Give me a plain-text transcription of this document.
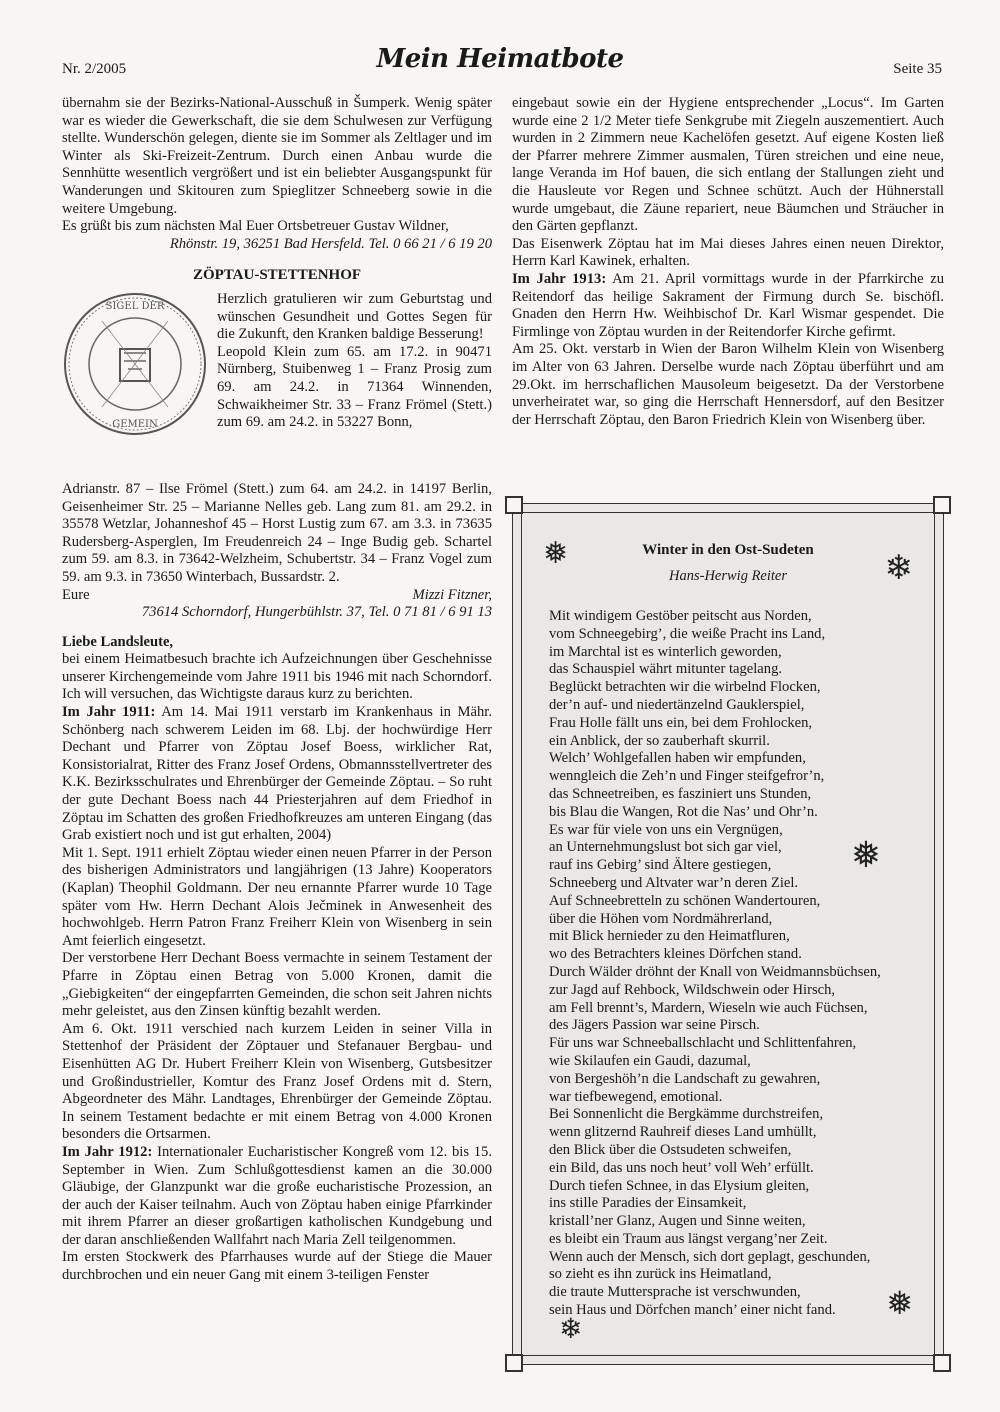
Nr. 2/2005	Mein Heimatbote	Seite 35

übernahm sie der Bezirks-National-Ausschuß in Šumperk. Wenig später war es wieder die Gewerkschaft, die sie dem Schulwesen zur Verfügung stellte. Wunderschön gelegen, diente sie im Sommer als Zeltlager und im Winter als Ski-Freizeit-Zentrum. Durch einen Anbau wurde die Sennhütte wesentlich vergrößert und ist ein beliebter Ausgangspunkt für Wanderungen und Skitouren zum Spieglitzer Schneeberg sowie in die weitere Umgebung.

Es grüßt bis zum nächsten Mal Euer Ortsbetreuer Gustav Wildner,

Rhönstr. 19, 36251 Bad Hersfeld. Tel. 0 66 21 / 6 19 20

ZÖPTAU-STETTENHOF

SIGEL DER
GEMEIN

Herzlich gratulieren wir zum Geburtstag und wünschen Gesundheit und Gottes Segen für die Zukunft, den Kranken baldige Besserung!

Leopold Klein zum 65. am 17.2. in 90471 Nürnberg, Stuibenweg 1 – Franz Prosig zum 69. am 24.2. in 71364 Winnenden, Schwaikheimer Str. 33 – Franz Frömel (Stett.) zum 69. am 24.2. in 53227 Bonn,

Adrianstr. 87 – Ilse Frömel (Stett.) zum 64. am 24.2. in 14197 Berlin, Geisenheimer Str. 25 – Marianne Nelles geb. Lang zum 81. am 29.2. in 35578 Wetzlar, Johanneshof 45 – Horst Lustig zum 67. am 3.3. in 73635 Rudersberg-Asperglen, Im Freudenreich 24 – Inge Budig geb. Schartel zum 59. am 8.3. in 73642-Welzheim, Schubertstr. 34 – Franz Vogel zum 59. am 9.3. in 73650 Winterbach, Bussardstr. 2.

Eure	Mizzi Fitzner,

73614 Schorndorf, Hungerbühlstr. 37, Tel. 0 71 81 / 6 91 13

Liebe Landsleute,

bei einem Heimatbesuch brachte ich Aufzeichnungen über Geschehnisse unserer Kirchengemeinde vom Jahre 1911 bis 1946 mit nach Schorndorf. Ich will versuchen, das Wichtigste daraus kurz zu berichten.

Im Jahr 1911: Am 14. Mai 1911 verstarb im Krankenhaus in Mähr. Schönberg nach schwerem Leiden im 68. Lbj. der hochwürdige Herr Dechant und Pfarrer von Zöptau Josef Boess, wirklicher Rat, Konsistorialrat, Ritter des Franz Josef Ordens, Obmannsstellvertreter des K.K. Bezirksschulrates und Ehrenbürger der Gemeinde Zöptau. – So ruht der gute Dechant Boess nach 44 Priesterjahren auf dem Friedhof in Zöptau im Schatten des großen Friedhofkreuzes am unteren Eingang (das Grab existiert noch und ist gut erhalten, 2004)

Mit 1. Sept. 1911 erhielt Zöptau wieder einen neuen Pfarrer in der Person des bisherigen Administrators und langjährigen (13 Jahre) Kooperators (Kaplan) Theophil Goldmann. Der neu ernannte Pfarrer wurde 10 Tage später vom Hw. Herrn Dechant Alois Ječminek in Anwesenheit des hochwohlgeb. Herrn Patron Franz Freiherr Klein von Wisenberg in sein Amt feierlich eingesetzt.

Der verstorbene Herr Dechant Boess vermachte in seinem Testament der Pfarre in Zöptau einen Betrag von 5.000 Kronen, damit die „Giebigkeiten“ der eingepfarrten Gemeinden, die schon seit Jahren nichts mehr geleistet, aus den Zinsen künftig bezahlt werden.

Am 6. Okt. 1911 verschied nach kurzem Leiden in seiner Villa in Stettenhof der Präsident der Zöptauer und Stefanauer Bergbau- und Eisenhütten AG Dr. Hubert Freiherr Klein von Wisenberg, Gutsbesitzer und Großindustrieller, Komtur des Franz Josef Ordens mit d. Stern, Abgeordneter des Mähr. Landtages, Ehrenbürger der Gemeinde Zöptau. In seinem Testament bedachte er mit einem Betrag von 4.000 Kronen besonders die Ortsarmen.

Im Jahr 1912: Internationaler Eucharistischer Kongreß vom 12. bis 15. September in Wien. Zum Schlußgottesdienst kamen an die 30.000 Gläubige, der Glanzpunkt war die große eucharistische Prozession, an der auch der Kaiser teilnahm. Auch von Zöptau haben einige Pfarrkinder mit ihrem Pfarrer an dieser großartigen katholischen Kundgebung und der daran anschließenden Wallfahrt nach Maria Zell teilgenommen.

Im ersten Stockwerk des Pfarrhauses wurde auf der Stiege die Mauer durchbrochen und ein neuer Gang mit einem 3-teiligen Fenster

eingebaut sowie ein der Hygiene entsprechender „Locus“. Im Garten wurde eine 2 1/2 Meter tiefe Senkgrube mit Ziegeln auszementiert. Auch wurden in 2 Zimmern neue Kachelöfen gesetzt. Auf eigene Kosten ließ der Pfarrer mehrere Zimmer ausmalen, Türen streichen und eine neue, lange Veranda im Hof bauen, die sich entlang der Stallungen zieht und die Hausleute vor Regen und Schnee schützt. Auch der Hühnerstall wurde umgebaut, die Zäune repariert, neue Bäumchen und Sträucher in den Gärten gepflanzt.

Das Eisenwerk Zöptau hat im Mai dieses Jahres einen neuen Direktor, Herrn Karl Kawinek, erhalten.

Im Jahr 1913: Am 21. April vormittags wurde in der Pfarrkirche zu Reitendorf das heilige Sakrament der Firmung durch Se. bischöfl. Gnaden den Herrn Hw. Weihbischof Dr. Karl Wismar gespendet. Die Firmlinge von Zöptau wurden in der Reitendorfer Kirche gefirmt.

Am 25. Okt. verstarb in Wien der Baron Wilhelm Klein von Wisenberg im Alter von 63 Jahren. Derselbe wurde nach Zöptau überführt und am 29.Okt. im herrschaflichen Mausoleum beigesetzt. Da der Verstorbene unverheiratet war, so ging die Herrschaft Hennersdorf, auf den Besitzer der Herrschaft Zöptau, den Baron Friedrich Klein von Wisenberg über.

❅	❄
❅
❅
❄
Winter in den Ost-Sudeten
Hans-Herwig Reiter
Mit windigem Gestöber peitscht aus Norden,
vom Schneegebirg’, die weiße Pracht ins Land,
im Marchtal ist es winterlich geworden,
das Schauspiel währt mitunter tagelang.
Beglückt betrachten wir die wirbelnd Flocken,
der’n auf- und niedertänzelnd Gauklerspiel,
Frau Holle fällt uns ein, bei dem Frohlocken,
ein Anblick, der so zauberhaft skurril.
Welch’ Wohlgefallen haben wir empfunden,
wenngleich die Zeh’n und Finger steifgefror’n,
das Schneetreiben, es fasziniert uns Stunden,
bis Blau die Wangen, Rot die Nas’ und Ohr’n.
Es war für viele von uns ein Vergnügen,
an Unternehmungslust bot sich gar viel,
rauf ins Gebirg’ sind Ältere gestiegen,
Schneeberg und Altvater war’n deren Ziel.
Auf Schneebretteln zu schönen Wandertouren,
über die Höhen vom Nordmährerland,
mit Blick hernieder zu den Heimatfluren,
wo des Betrachters kleines Dörfchen stand.
Durch Wälder dröhnt der Knall von Weidmannsbüchsen,
zur Jagd auf Rehbock, Wildschwein oder Hirsch,
am Fell brennt’s, Mardern, Wieseln wie auch Füchsen,
des Jägers Passion war seine Pirsch.
Für uns war Schneeballschlacht und Schlittenfahren,
wie Skilaufen ein Gaudi, dazumal,
von Bergeshöh’n die Landschaft zu gewahren,
war tiefbewegend, emotional.
Bei Sonnenlicht die Bergkämme durchstreifen,
wenn glitzernd Rauhreif dieses Land umhüllt,
den Blick über die Ostsudeten schweifen,
ein Bild, das uns noch heut’ voll Weh’ erfüllt.
Durch tiefen Schnee, in das Elysium gleiten,
ins stille Paradies der Einsamkeit,
kristall’ner Glanz, Augen und Sinne weiten,
es bleibt ein Traum aus längst vergang’ner Zeit.
Wenn auch der Mensch, sich dort geplagt, geschunden,
so zieht es ihn zurück ins Heimatland,
die traute Muttersprache ist verschwunden,
sein Haus und Dörfchen manch’ einer nicht fand.
